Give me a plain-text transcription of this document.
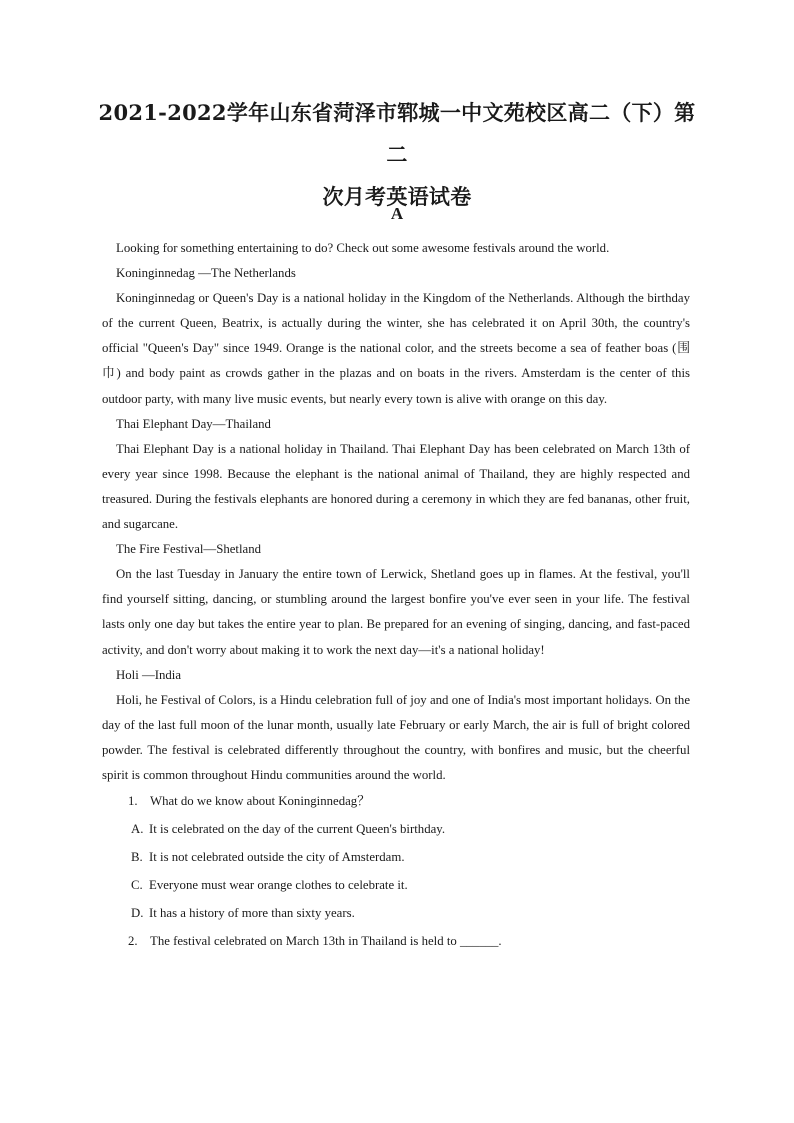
2021-2022学年山东省菏泽市郓城一中文苑校区高二（下）第二
次月考英语试卷
A

Looking for something entertaining to do? Check out some awesome festivals around the world.

Koninginnedag —The Netherlands

Koninginnedag or Queen's Day is a national holiday in the Kingdom of the Netherlands. Although the birthday of the current Queen, Beatrix, is actually during the winter, she has celebrated it on April 30th, the country's official "Queen's Day" since 1949. Orange is the national color, and the streets become a sea of feather boas (围巾) and body paint as crowds gather in the plazas and on boats in the rivers. Amsterdam is the center of this outdoor party, with many live music events, but nearly every town is alive with orange on this day.

Thai Elephant Day—Thailand

Thai Elephant Day is a national holiday in Thailand. Thai Elephant Day has been celebrated on March 13th of every year since 1998. Because the elephant is the national animal of Thailand, they are highly respected and treasured. During the festivals elephants are honored during a ceremony in which they are fed bananas, other fruit, and sugarcane.

The Fire Festival—Shetland

On the last Tuesday in January the entire town of Lerwick, Shetland goes up in flames. At the festival, you'll find yourself sitting, dancing, or stumbling around the largest bonfire you've ever seen in your life. The festival lasts only one day but takes the entire year to plan. Be prepared for an evening of singing, dancing, and fast-paced activity, and don't worry about making it to work the next day—it's a national holiday!

Holi —India

Holi, he Festival of Colors, is a Hindu celebration full of joy and one of India's most important holidays. On the day of the last full moon of the lunar month, usually late February or early March, the air is full of bright colored powder. The festival is celebrated differently throughout the country, with bonfires and music, but the cheerful spirit is common throughout Hindu communities around the world.

1. What do we know about Koninginnedag？

A. It is celebrated on the day of the current Queen's birthday.

B. It is not celebrated outside the city of Amsterdam.

C. Everyone must wear orange clothes to celebrate it.

D. It has a history of more than sixty years.

2. The festival celebrated on March 13th in Thailand is held to ______.
